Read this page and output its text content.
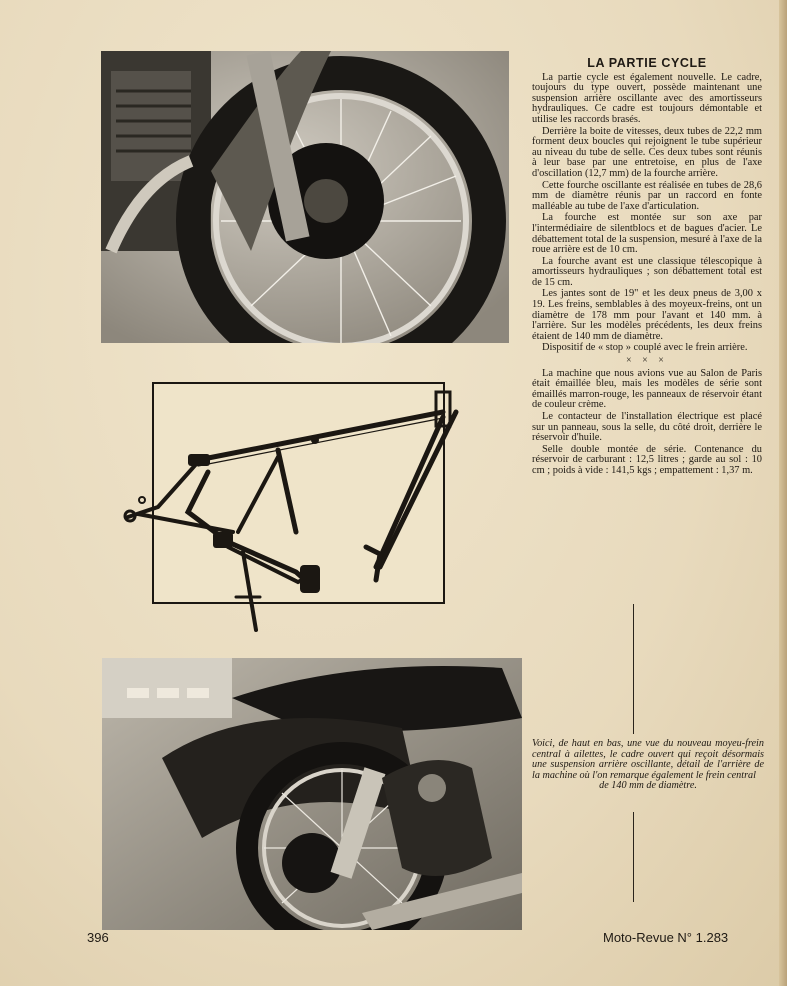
LA PARTIE CYCLE

La partie cycle est également nouvelle. Le cadre, toujours du type ouvert, possède maintenant une suspension arrière oscillante avec des amortisseurs hydrauliques. Ce cadre est toujours démontable et utilise les raccords brasés.

Derrière la boite de vitesses, deux tubes de 22,2 mm forment deux boucles qui rejoignent le tube supérieur au niveau du tube de selle. Ces deux tubes sont réunis à leur base par une entretoise, en plus de l'axe d'oscillation (12,7 mm) de la fourche arrière.

Cette fourche oscillante est réalisée en tubes de 28,6 mm de diamètre réunis par un raccord en fonte malléable au tube de l'axe d'articulation.

La fourche est montée sur son axe par l'intermédiaire de silentblocs et de bagues d'acier. Le débattement total de la suspension, mesuré à l'axe de la roue arrière est de 10 cm.

La fourche avant est une classique télescopique à amortisseurs hydrauliques ; son débattement total est de 15 cm.

Les jantes sont de 19" et les deux pneus de 3,00 x 19. Les freins, semblables à des moyeux-freins, ont un diamètre de 178 mm pour l'avant et 140 mm. à l'arrière. Sur les modèles précédents, les deux freins étaient de 140 mm de diamètre.

Dispositif de « stop » couplé avec le frein arrière.

× × ×

La machine que nous avions vue au Salon de Paris était émaillée bleu, mais les modèles de série sont émaillés marron-rouge, les panneaux de réservoir étant de couleur crème.

Le contacteur de l'installation électrique est placé sur un panneau, sous la selle, du côté droit, derrière le réservoir d'huile.

Selle double montée de série. Contenance du réservoir de carburant : 12,5 litres ; garde au sol : 10 cm ; poids à vide : 141,5 kgs ; empattement : 1,37 m.

Voici, de haut en bas, une vue du nouveau moyeu-frein central à ailettes, le cadre ouvert qui reçoit désormais une suspension arrière oscillante, détail de l'arrière de la machine où l'on remarque également le frein central
de 140 mm de diamètre.
396	Moto-Revue N° 1.283
